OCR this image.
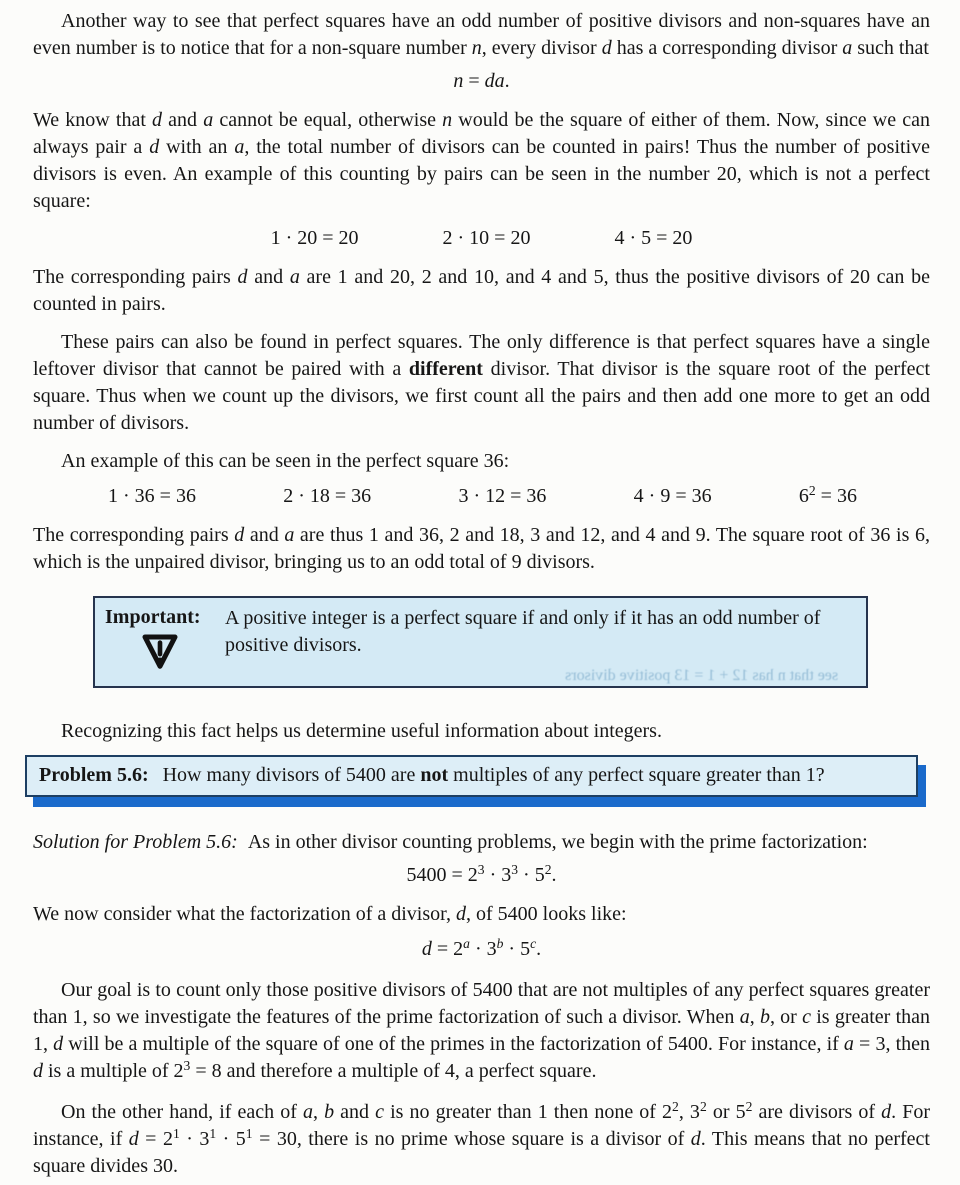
Another way to see that perfect squares have an odd number of positive divisors and non-squares have an even number is to notice that for a non-square number n, every divisor d has a corresponding divisor a such that

n = da.

We know that d and a cannot be equal, otherwise n would be the square of either of them. Now, since we can always pair a d with an a, the total number of divisors can be counted in pairs! Thus the number of positive divisors is even. An example of this counting by pairs can be seen in the number 20, which is not a perfect square:

1 · 20 = 20	2 · 10 = 20	4 · 5 = 20

The corresponding pairs d and a are 1 and 20, 2 and 10, and 4 and 5, thus the positive divisors of 20 can be counted in pairs.

These pairs can also be found in perfect squares. The only difference is that perfect squares have a single leftover divisor that cannot be paired with a different divisor. That divisor is the square root of the perfect square. Thus when we count up the divisors, we first count all the pairs and then add one more to get an odd number of divisors.

An example of this can be seen in the perfect square 36:

1 · 36 = 36	2 · 18 = 36	3 · 12 = 36	4 · 9 = 36	$6^2 = 36$

The corresponding pairs d and a are thus 1 and 36, 2 and 18, 3 and 12, and 4 and 9. The square root of 36 is 6, which is the unpaired divisor, bringing us to an odd total of 9 divisors.

Important:	A positive integer is a perfect square if and only if it has an odd number of positive divisors.
see that n has 12 + 1 = 13 positive divisors

Recognizing this fact helps us determine useful information about integers.

Problem 5.6: How many divisors of 5400 are not multiples of any perfect square greater than 1?

Solution for Problem 5.6: As in other divisor counting problems, we begin with the prime factorization:

$5400 = 2^3 \cdot 3^3 \cdot 5^2$.

We now consider what the factorization of a divisor, d, of 5400 looks like:

$d = 2^a \cdot 3^b \cdot 5^c$.

Our goal is to count only those positive divisors of 5400 that are not multiples of any perfect squares greater than 1, so we investigate the features of the prime factorization of such a divisor. When a, b, or c is greater than 1, d will be a multiple of the square of one of the primes in the factorization of 5400. For instance, if a = 3, then d is a multiple of $2^3 = 8$ and therefore a multiple of 4, a perfect square.

On the other hand, if each of a, b and c is no greater than 1 then none of $2^2$, $3^2$ or $5^2$ are divisors of d. For instance, if $d = 2^1 \cdot 3^1 \cdot 5^1 = 30$, there is no prime whose square is a divisor of d. This means that no perfect square divides 30.
